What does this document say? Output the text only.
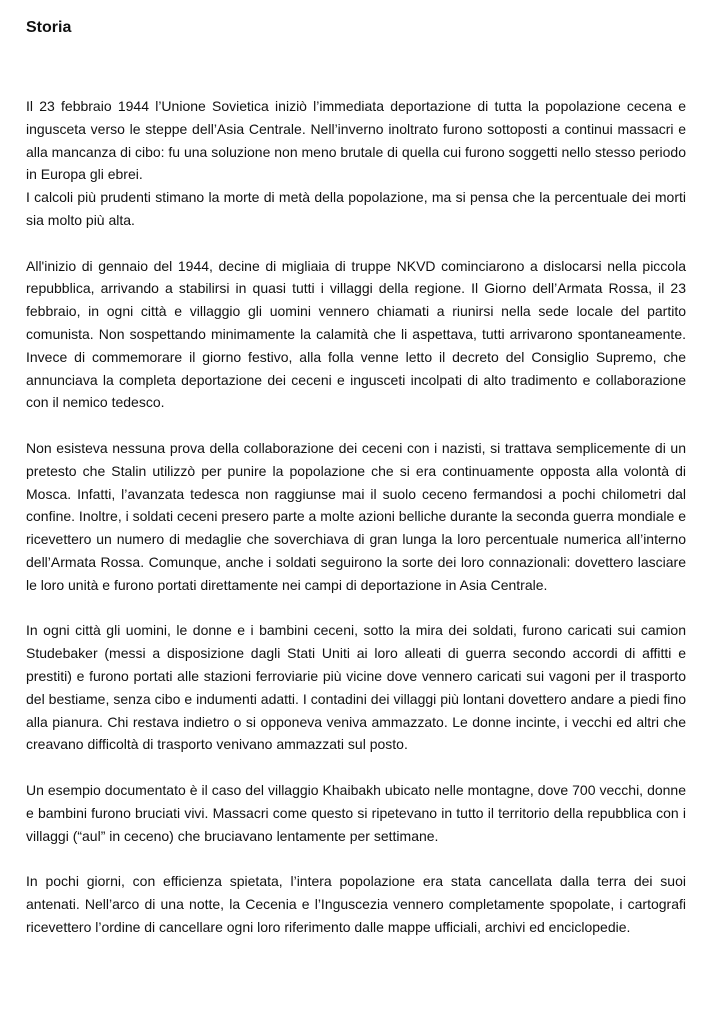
Storia

Il 23 febbraio 1944 l’Unione Sovietica iniziò l’immediata deportazione di tutta la popolazione cecena e ingusceta verso le steppe dell’Asia Centrale. Nell’inverno inoltrato furono sottoposti a continui massacri e alla mancanza di cibo: fu una soluzione non meno brutale di quella cui furono soggetti nello stesso periodo in Europa gli ebrei.
I calcoli più prudenti stimano la morte di metà della popolazione, ma si pensa che la percentuale dei morti sia molto più alta.

All'inizio di gennaio del 1944, decine di migliaia di truppe NKVD cominciarono a dislocarsi nella piccola repubblica, arrivando a stabilirsi in quasi tutti i villaggi della regione. Il Giorno dell’Armata Rossa, il 23 febbraio, in ogni città e villaggio gli uomini vennero chiamati a riunirsi nella sede locale del partito comunista. Non sospettando minimamente la calamità che li aspettava, tutti arrivarono spontaneamente. Invece di commemorare il giorno festivo, alla folla venne letto il decreto del Consiglio Supremo, che annunciava la completa deportazione dei ceceni e ingusceti incolpati di alto tradimento e collaborazione con il nemico tedesco.

Non esisteva nessuna prova della collaborazione dei ceceni con i nazisti, si trattava semplicemente di un pretesto che Stalin utilizzò per punire la popolazione che si era continuamente opposta alla volontà di Mosca. Infatti, l’avanzata tedesca non raggiunse mai il suolo ceceno fermandosi a pochi chilometri dal confine. Inoltre, i soldati ceceni presero parte a molte azioni belliche durante la seconda guerra mondiale e ricevettero un numero di medaglie che soverchiava di gran lunga la loro percentuale numerica all’interno dell’Armata Rossa. Comunque, anche i soldati seguirono la sorte dei loro connazionali: dovettero lasciare le loro unità e furono portati direttamente nei campi di deportazione in Asia Centrale.

In ogni città gli uomini, le donne e i bambini ceceni, sotto la mira dei soldati, furono caricati sui camion Studebaker (messi a disposizione dagli Stati Uniti ai loro alleati di guerra secondo accordi di affitti e prestiti) e furono portati alle stazioni ferroviarie più vicine dove vennero caricati sui vagoni per il trasporto del bestiame, senza cibo e indumenti adatti. I contadini dei villaggi più lontani dovettero andare a piedi fino alla pianura. Chi restava indietro o si opponeva veniva ammazzato. Le donne incinte, i vecchi ed altri che creavano difficoltà di trasporto venivano ammazzati sul posto.

Un esempio documentato è il caso del villaggio Khaibakh ubicato nelle montagne, dove 700 vecchi, donne e bambini furono bruciati vivi. Massacri come questo si ripetevano in tutto il territorio della repubblica con i villaggi (“aul” in ceceno) che bruciavano lentamente per settimane.

In pochi giorni, con efficienza spietata, l’intera popolazione era stata cancellata dalla terra dei suoi antenati. Nell’arco di una notte, la Cecenia e l’Inguscezia vennero completamente spopolate, i cartografi ricevettero l’ordine di cancellare ogni loro riferimento dalle mappe ufficiali, archivi ed enciclopedie.
